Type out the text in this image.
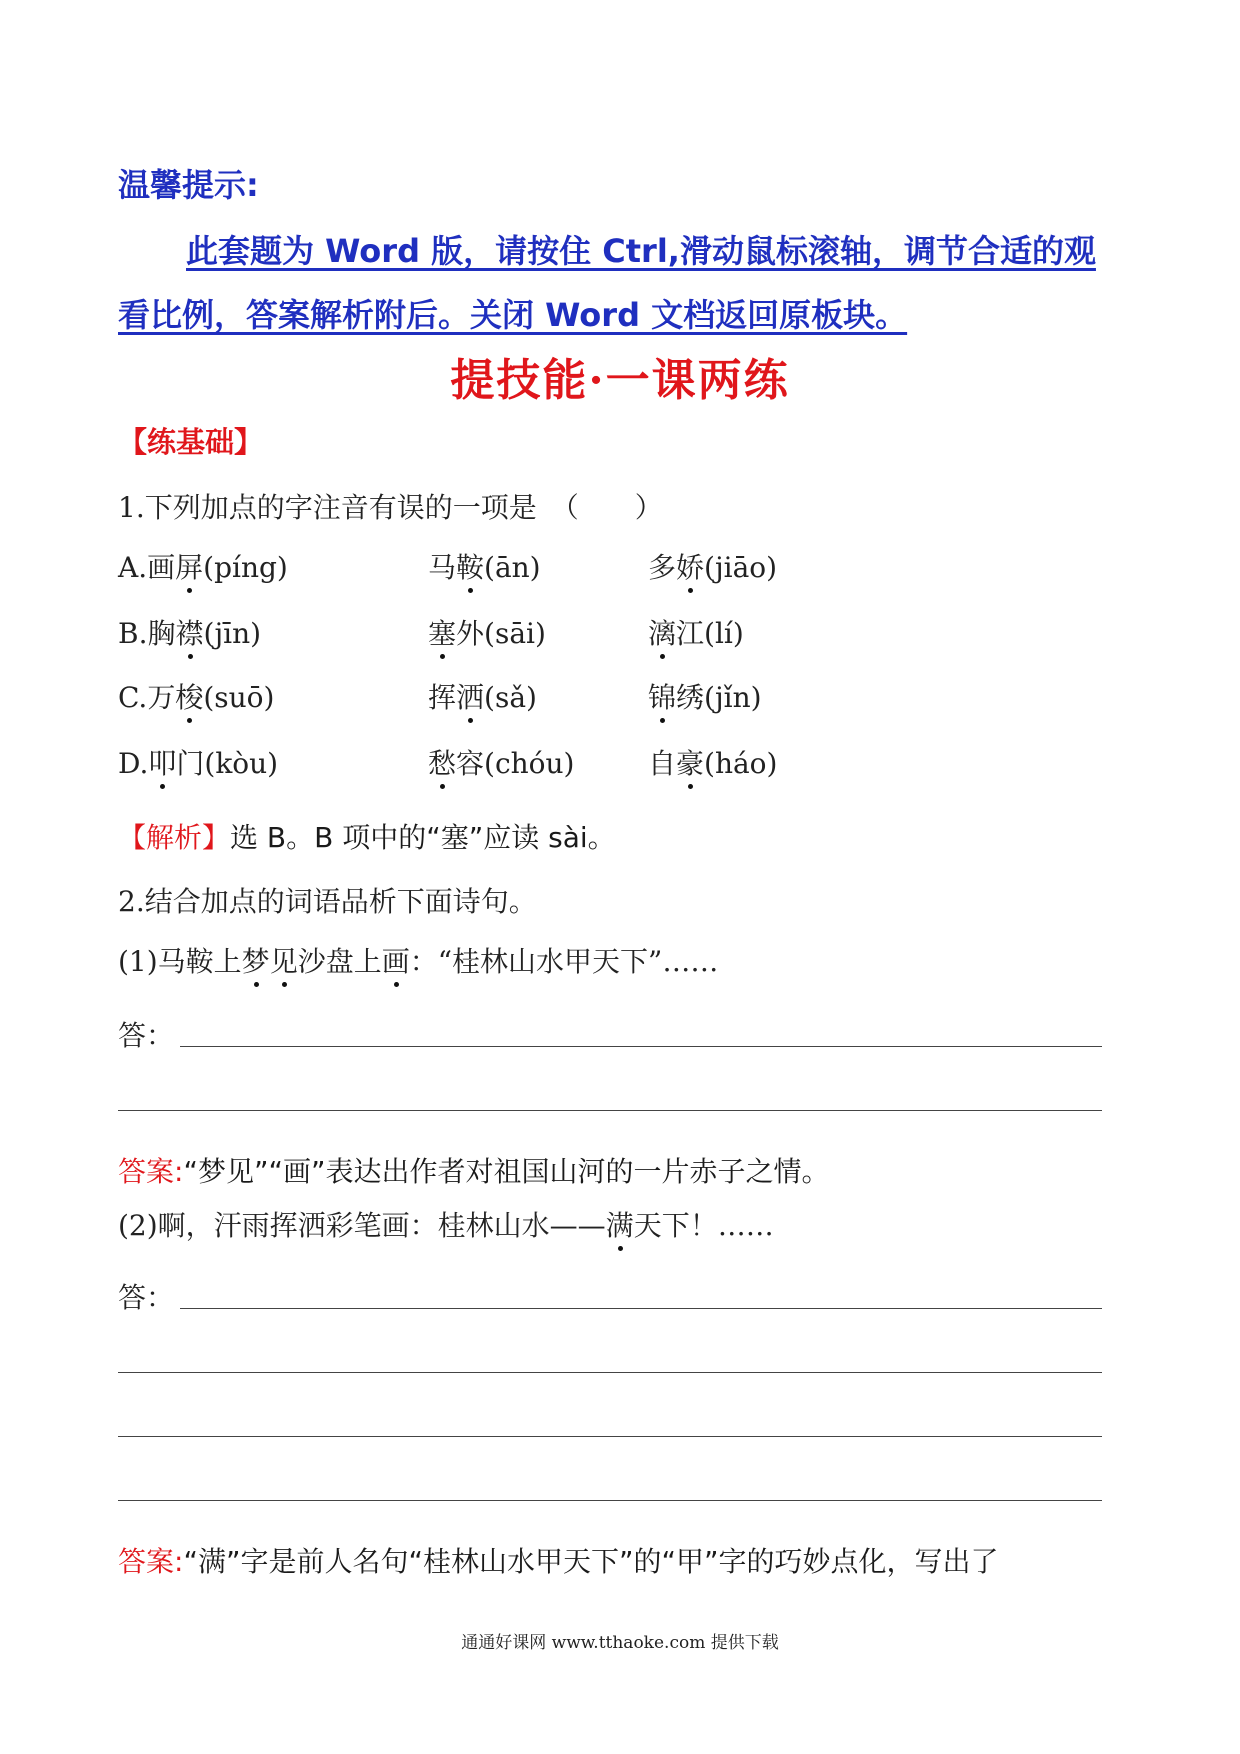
温馨提示:
此套题为 Word 版，请按住 Ctrl,滑动鼠标滚轴，调节合适的观
看比例，答案解析附后。关闭 Word 文档返回原板块。
提技能·一课两练
【练基础】
1.下列加点的字注音有误的一项是　（　　）
A.画屏(píng)	马鞍(ān)	多娇(jiāo)
B.胸襟(jīn)	塞外(sāi)	漓江(lí)
C.万梭(suō)	挥洒(sǎ)	锦绣(jǐn)
D.叩门(kòu)	愁容(chóu)	自豪(háo)
【解析】选 B。B 项中的“塞”应读 sài。
2.结合加点的词语品析下面诗句。
(1)马鞍上梦见沙盘上画：“桂林山水甲天下”……
答：
答案:“梦见”“画”表达出作者对祖国山河的一片赤子之情。
(2)啊，汗雨挥洒彩笔画：桂林山水——满天下！……
答：
答案:“满”字是前人名句“桂林山水甲天下”的“甲”字的巧妙点化，写出了
通通好课网 www.tthaoke.com 提供下载
